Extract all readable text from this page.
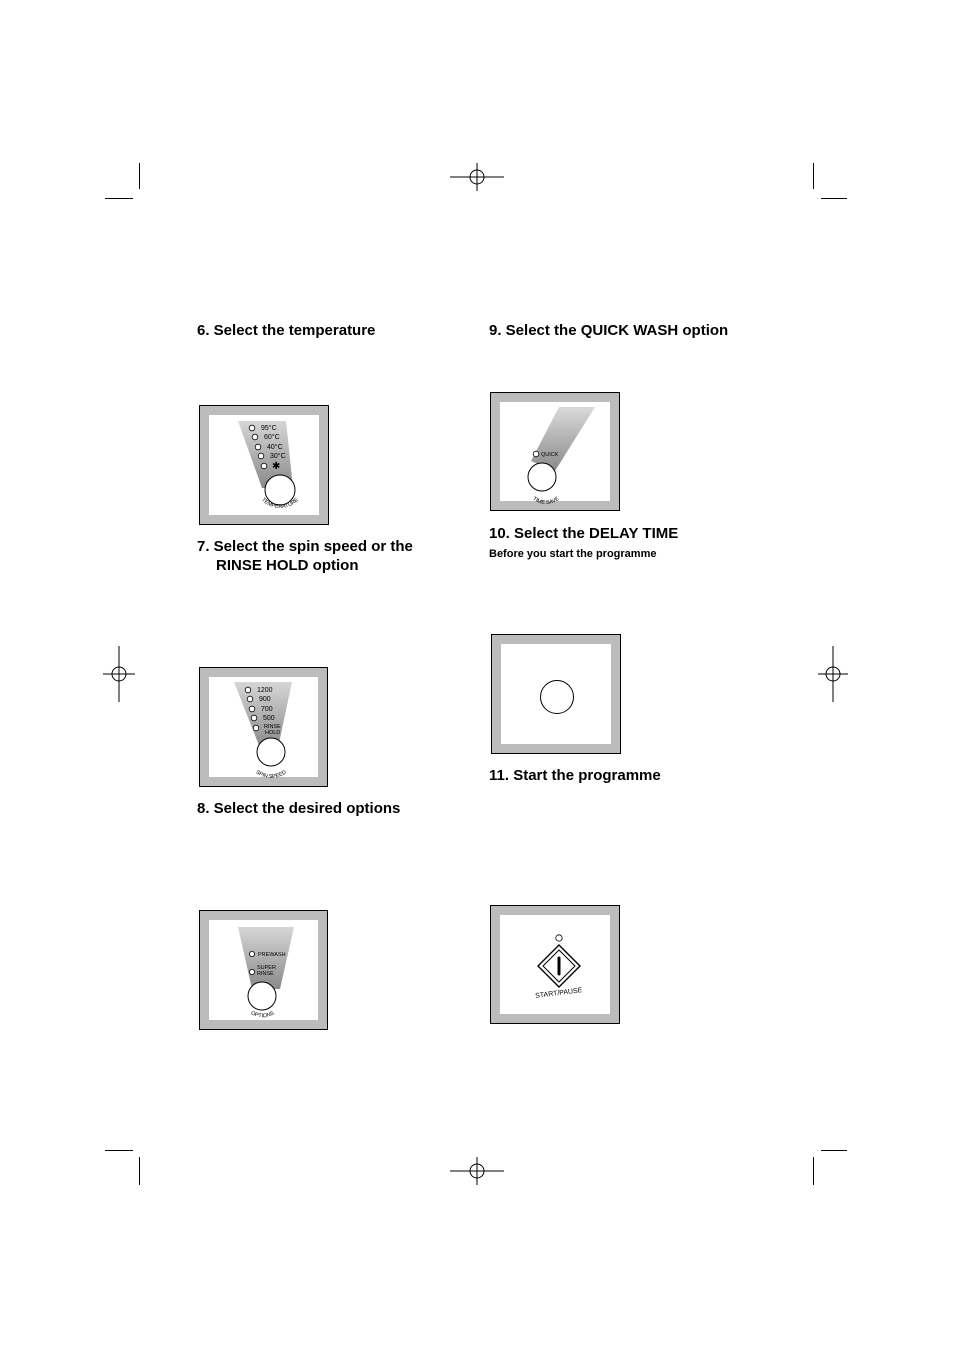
6. Select the temperature
95°C
60°C
40°C
30°C
✱
TEMPERATURE
7. Select the spin speed or the
RINSE HOLD option
1200
900
700
500
RINSE
HOLD
SPIN SPEED
8. Select the desired options
PREWASH
SUPER
RINSE
OPTIONS
9. Select the QUICK WASH option
QUICK
TIME SAVE
10. Select the DELAY TIME
Before you start the programme
11. Start the programme
START/PAUSE
